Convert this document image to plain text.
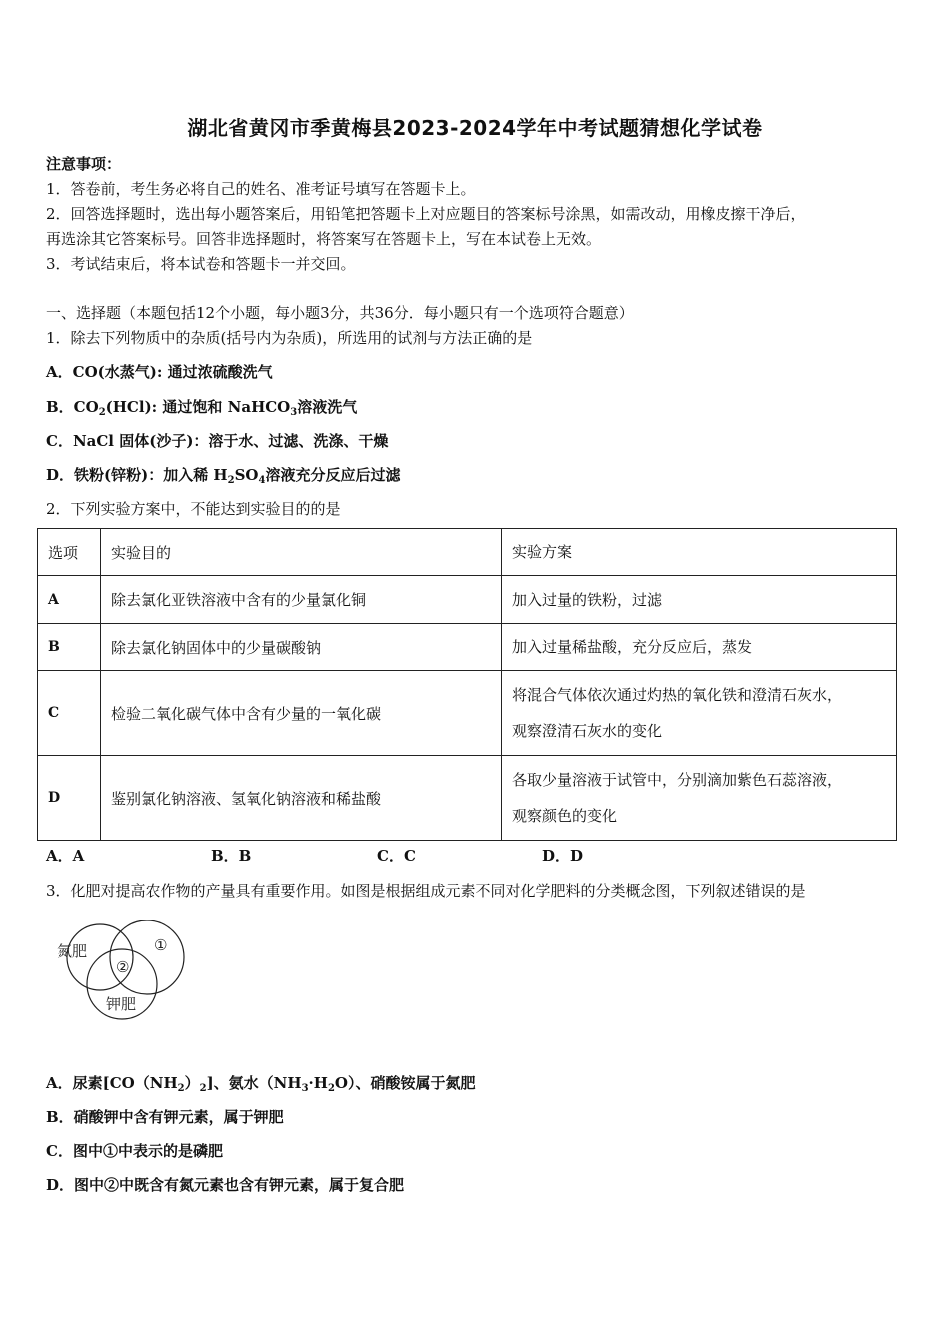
湖北省黄冈市季黄梅县2023-2024学年中考试题猜想化学试卷
注意事项：
1．答卷前，考生务必将自己的姓名、准考证号填写在答题卡上。
2．回答选择题时，选出每小题答案后，用铅笔把答题卡上对应题目的答案标号涂黑，如需改动，用橡皮擦干净后，
再选涂其它答案标号。回答非选择题时，将答案写在答题卡上，写在本试卷上无效。
3．考试结束后，将本试卷和答题卡一并交回。
一、选择题（本题包括12个小题，每小题3分，共36分．每小题只有一个选项符合题意）
1．除去下列物质中的杂质(括号内为杂质)，所选用的试剂与方法正确的是
A．CO(水蒸气): 通过浓硫酸洗气
B．$CO_2(HCl)$: 通过饱和 NaHCO$_3$溶液洗气
C．NaCl 固体(沙子)：溶于水、过滤、洗涤、干燥
D．铁粉(锌粉)：加入稀 $H_2SO_4$溶液充分反应后过滤
2．下列实验方案中，不能达到实验目的的是
选项	实验目的	实验方案
A	除去氯化亚铁溶液中含有的少量氯化铜	加入过量的铁粉，过滤
B	除去氯化钠固体中的少量碳酸钠	加入过量稀盐酸，充分反应后，蒸发
C	检验二氧化碳气体中含有少量的一氧化碳	将混合气体依次通过灼热的氧化铁和澄清石灰水，
观察澄清石灰水的变化

D	鉴别氯化钠溶液、氢氧化钠溶液和稀盐酸	各取少量溶液于试管中，分别滴加紫色石蕊溶液，
观察颜色的变化
A．A	B．B	C．C	D．D
3．化肥对提高农作物的产量具有重要作用。如图是根据组成元素不同对化学肥料的分类概念图，下列叙述错误的是
氮肥	①
②
钾肥
A．尿素$[CO(NH_2)_2]$、氨水$(NH_3\cdot H_2O)$、硝酸铵属于氮肥
B．硝酸钾中含有钾元素，属于钾肥
C．图中①中表示的是磷肥
D．图中②中既含有氮元素也含有钾元素，属于复合肥
